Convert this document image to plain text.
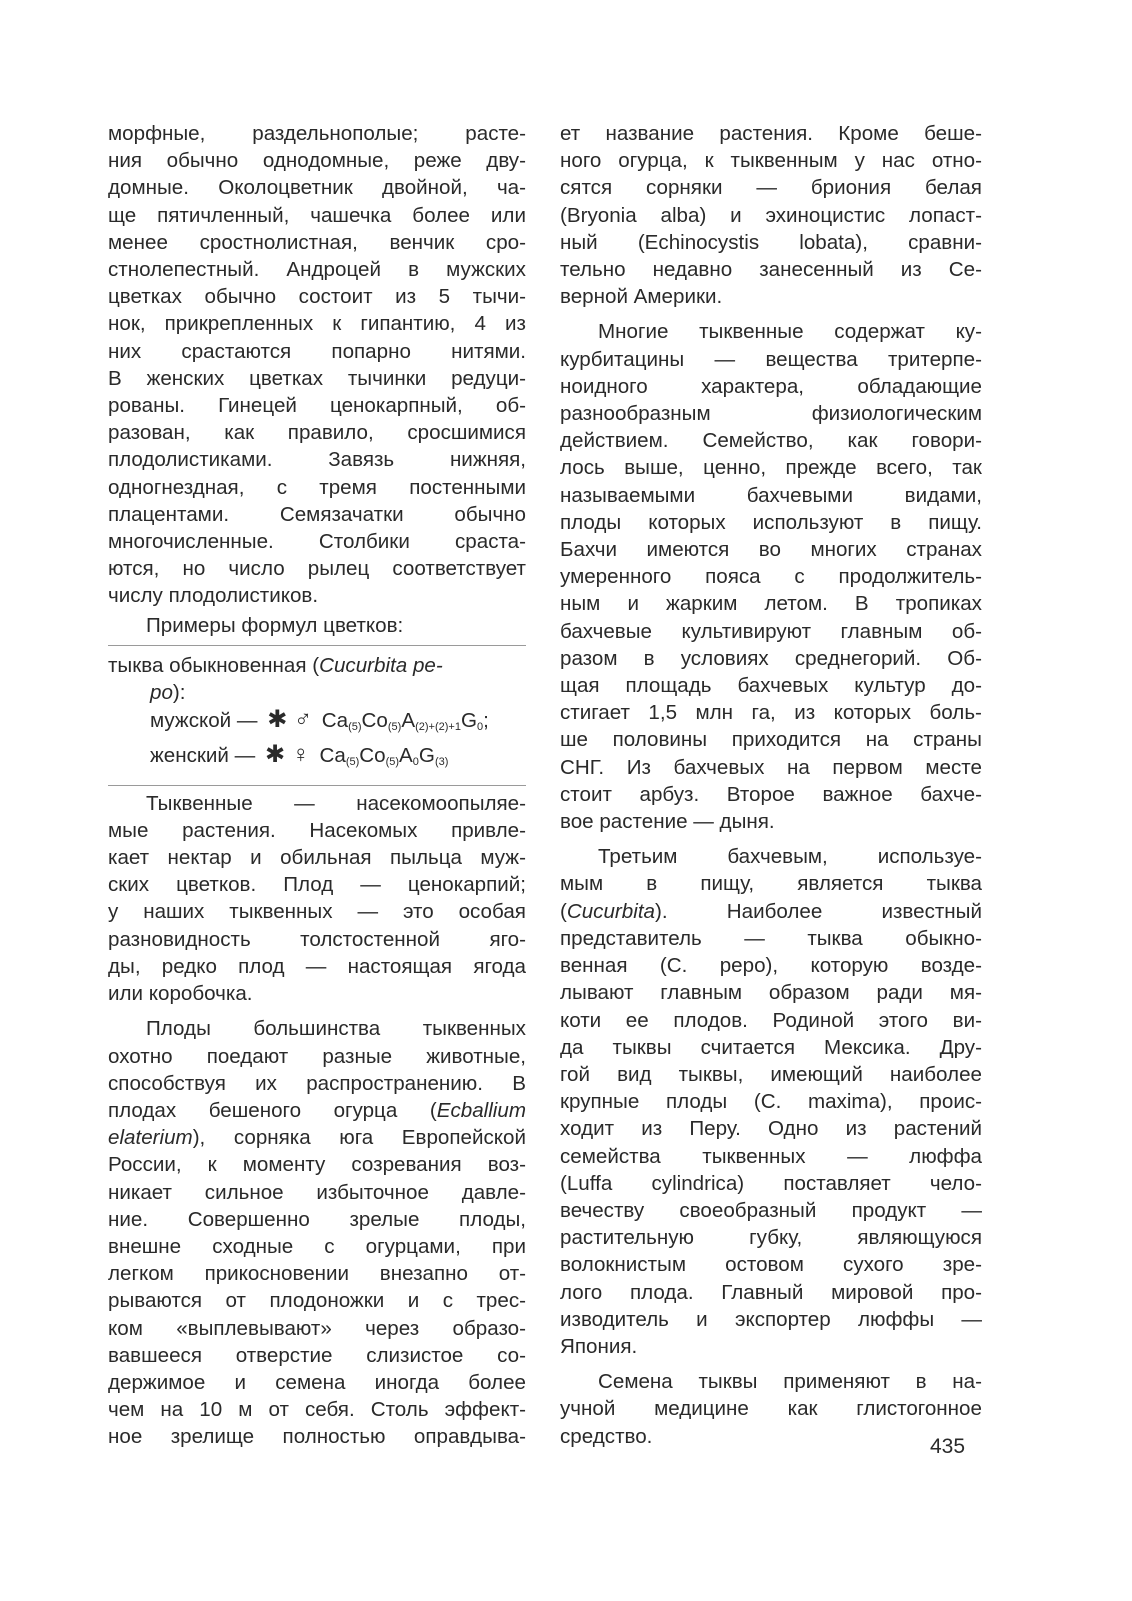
морфные, раздельнополые; расте-
ния обычно однодомные, реже дву-
домные. Околоцветник двойной, ча-
ще пятичленный, чашечка более или
менее сростнолистная, венчик сро-
стнолепестный. Андроцей в мужских
цветках обычно состоит из 5 тычи-
нок, прикрепленных к гипантию, 4 из
них срастаются попарно нитями.
В женских цветках тычинки редуци-
рованы. Гинецей ценокарпный, об-
разован, как правило, сросшимися
плодолистиками.	Завязь	нижняя,
одногнездная, с тремя постенными
плацентами. Семязачатки обычно
многочисленные. Столбики сраста-
ются, но число рылец соответствует
числу плодолистиков.
Примеры формул цветков:
тыква обыкновенная (Cucurbita pe-
po):
мужской — ✱ ♂ $Ca_{(5)}Co_{(5)}A_{(2)+(2)+1}G_0$;
женский — ✱ ♀ $Ca_{(5)}Co_{(5)}A_0G_{(3)}$
Тыквенные — насекомоопыляе-
мые растения. Насекомых привле-
кает нектар и обильная пыльца муж-
ских цветков. Плод — ценокарпий;
у наших тыквенных — это особая
разновидность толстостенной яго-
ды, редко плод — настоящая ягода
или коробочка.
Плоды большинства тыквенных
охотно поедают разные животные,
способствуя их распространению. В
плодах бешеного огурца (Ecballium
elaterium), сорняка юга Европейской
России, к моменту созревания воз-
никает сильное избыточное давле-
ние. Совершенно зрелые плоды,
внешне сходные с огурцами, при
легком прикосновении внезапно от-
рываются от плодоножки и с трес-
ком «выплевывают» через образо-
вавшееся отверстие слизистое со-
держимое и семена иногда более
чем на 10 м от себя. Столь эффект-
ное зрелище полностью оправдыва-
ет название растения. Кроме беше-
ного огурца, к тыквенным у нас отно-
сятся сорняки — бриония белая
(Bryonia alba) и эхиноцистис лопаст-
ный (Echinocystis lobata), сравни-
тельно недавно занесенный из Се-
верной Америки.
Многие тыквенные содержат ку-
курбитацины — вещества тритерпе-
ноидного	характера,	обладающие
разнообразным	физиологическим
действием. Семейство, как говори-
лось выше, ценно, прежде всего, так
называемыми	бахчевыми	видами,
плоды которых используют в пищу.
Бахчи имеются во многих странах
умеренного пояса с продолжитель-
ным и жарким летом. В тропиках
бахчевые культивируют главным об-
разом в условиях среднегорий. Об-
щая площадь бахчевых культур до-
стигает 1,5 млн га, из которых боль-
ше половины приходится на страны
СНГ. Из бахчевых на первом месте
стоит арбуз. Второе важное бахче-
вое растение — дыня.
Третьим бахчевым, используе-
мым в пищу, является тыква
(Cucurbita).	Наиболее	известный
представитель — тыква обыкно-
венная (C. pepo), которую возде-
лывают главным образом ради мя-
коти ее плодов. Родиной этого ви-
да тыквы считается Мексика. Дру-
гой вид тыквы, имеющий наиболее
крупные плоды (C. maxima), проис-
ходит из Перу. Одно из растений
семейства тыквенных — люффа
(Luffa cylindrica) поставляет чело-
вечеству своеобразный продукт —
растительную	губку,	являющуюся
волокнистым остовом сухого зре-
лого плода. Главный мировой про-
изводитель и экспортер люффы —
Япония.
Семена тыквы применяют в на-
учной медицине как глистогонное
средство.	435
